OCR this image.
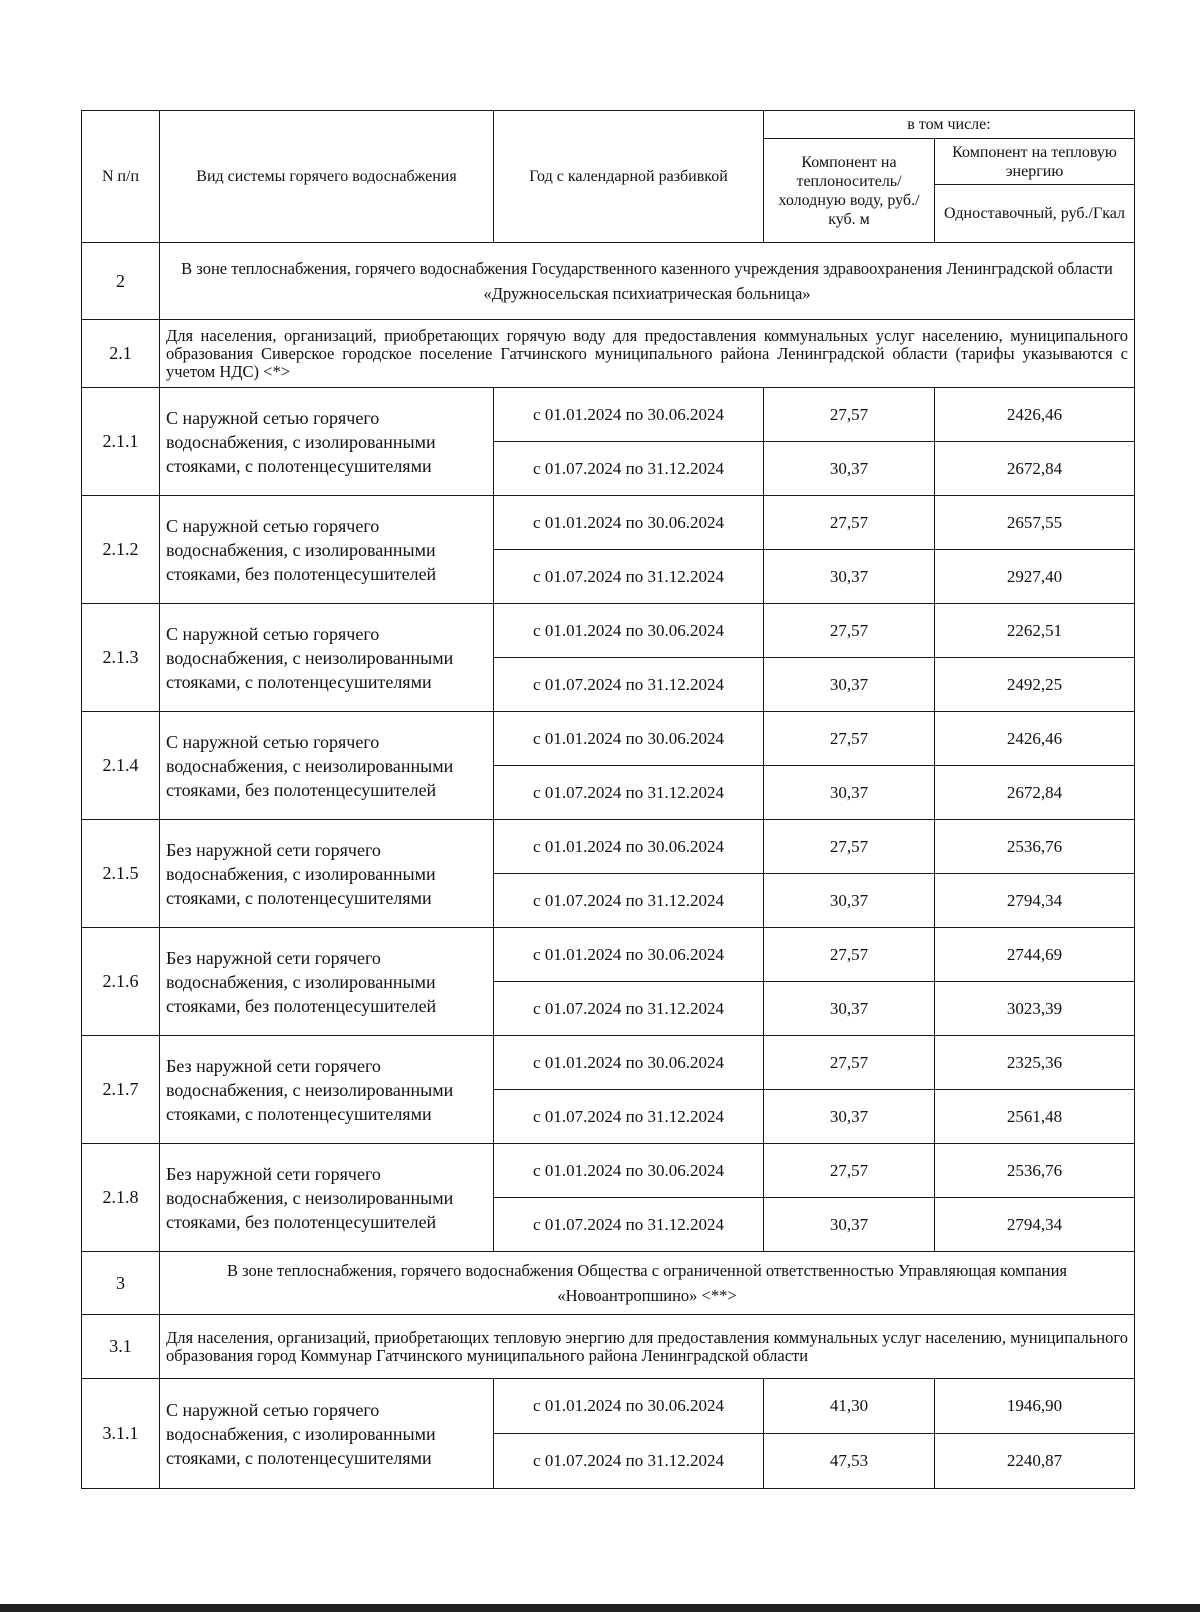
N п/п	Вид системы горячего водоснабжения	Год с календарной разбивкой	в том числе:	
			Компонент на теплоноситель/ холодную воду, руб./куб. м	Компонент на тепловую энергию
				Одноставочный, руб./Гкал
2	В зоне теплоснабжения, горячего водоснабжения Государственного казенного учреждения здравоохранения Ленинградской области «Дружносельская психиатрическая больница»			
2.1	Для населения, организаций, приобретающих горячую воду для предоставления коммунальных услуг населению, муниципального образования Сиверское городское поселение Гатчинского муниципального района Ленинградской области (тарифы указываются с учетом НДС) <*>			
2.1.1	С наружной сетью горячего водоснабжения, с изолированными стояками, с полотенцесушителями	с 01.01.2024 по 30.06.2024	27,57	2426,46
		с 01.07.2024 по 31.12.2024	30,37	2672,84
2.1.2	С наружной сетью горячего водоснабжения, с изолированными стояками, без полотенцесушителей	с 01.01.2024 по 30.06.2024	27,57	2657,55
		с 01.07.2024 по 31.12.2024	30,37	2927,40
2.1.3	С наружной сетью горячего водоснабжения, с неизолированными стояками, с полотенцесушителями	с 01.01.2024 по 30.06.2024	27,57	2262,51
		с 01.07.2024 по 31.12.2024	30,37	2492,25
2.1.4	С наружной сетью горячего водоснабжения, с неизолированными стояками, без полотенцесушителей	с 01.01.2024 по 30.06.2024	27,57	2426,46
		с 01.07.2024 по 31.12.2024	30,37	2672,84
2.1.5	Без наружной сети горячего водоснабжения, с изолированными стояками, с полотенцесушителями	с 01.01.2024 по 30.06.2024	27,57	2536,76
		с 01.07.2024 по 31.12.2024	30,37	2794,34
2.1.6	Без наружной сети горячего водоснабжения, с изолированными стояками, без полотенцесушителей	с 01.01.2024 по 30.06.2024	27,57	2744,69
		с 01.07.2024 по 31.12.2024	30,37	3023,39
2.1.7	Без наружной сети горячего водоснабжения, с неизолированными стояками, с полотенцесушителями	с 01.01.2024 по 30.06.2024	27,57	2325,36
		с 01.07.2024 по 31.12.2024	30,37	2561,48
2.1.8	Без наружной сети горячего водоснабжения, с неизолированными стояками, без полотенцесушителей	с 01.01.2024 по 30.06.2024	27,57	2536,76
		с 01.07.2024 по 31.12.2024	30,37	2794,34
3	В зоне теплоснабжения, горячего водоснабжения Общества с ограниченной ответственностью Управляющая компания «Новоантропшино» <**>			
3.1	Для населения, организаций, приобретающих тепловую энергию для предоставления коммунальных услуг населению, муниципального образования город Коммунар Гатчинского муниципального района Ленинградской области			
3.1.1	С наружной сетью горячего водоснабжения, с изолированными стояками, с полотенцесушителями	с 01.01.2024 по 30.06.2024	41,30	1946,90
		с 01.07.2024 по 31.12.2024	47,53	2240,87
